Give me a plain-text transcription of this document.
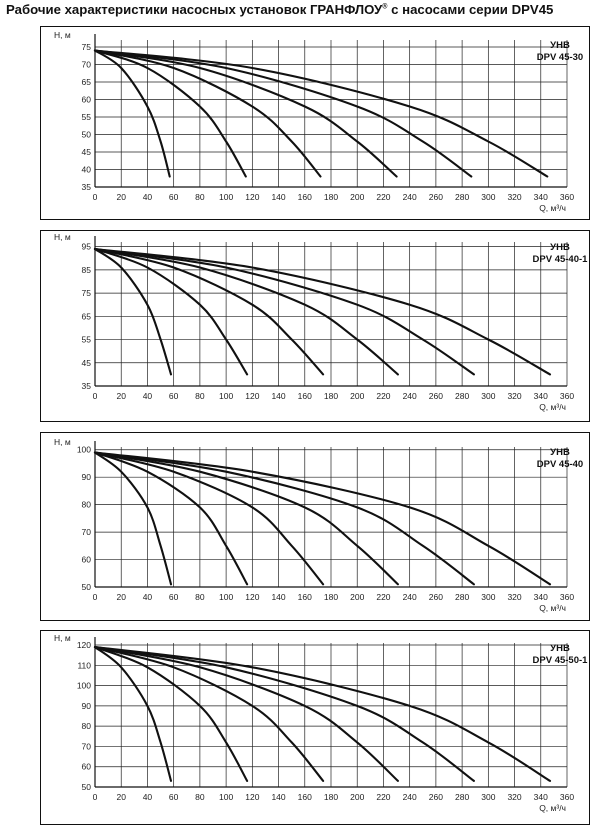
Рабочие характеристики насосных установок ГРАНФЛОУ® с насосами серии DPV45
0 20 40 60 80 100 120 140 160 180 200 220 240 260 280 300 320 340 360
35
40
45
50
55
60
65
70
75
H, м
Q, м³/ч
УНВ
DPV 45-30
0 20 40 60 80 100 120 140 160 180 200 220 240 260 280 300 320 340 360
35
45
55
65
75
85
95
H, м
Q, м³/ч
УНВ
DPV 45-40-1
0 20 40 60 80 100 120 140 160 180 200 220 240 260 280 300 320 340 360
50
60
70
80
90
100
H, м
Q, м³/ч
УНВ
DPV 45-40
0 20 40 60 80 100 120 140 160 180 200 220 240 260 280 300 320 340 360
50
60
70
80
90
100
110
120
H, м
Q, м³/ч
УНВ
DPV 45-50-1
